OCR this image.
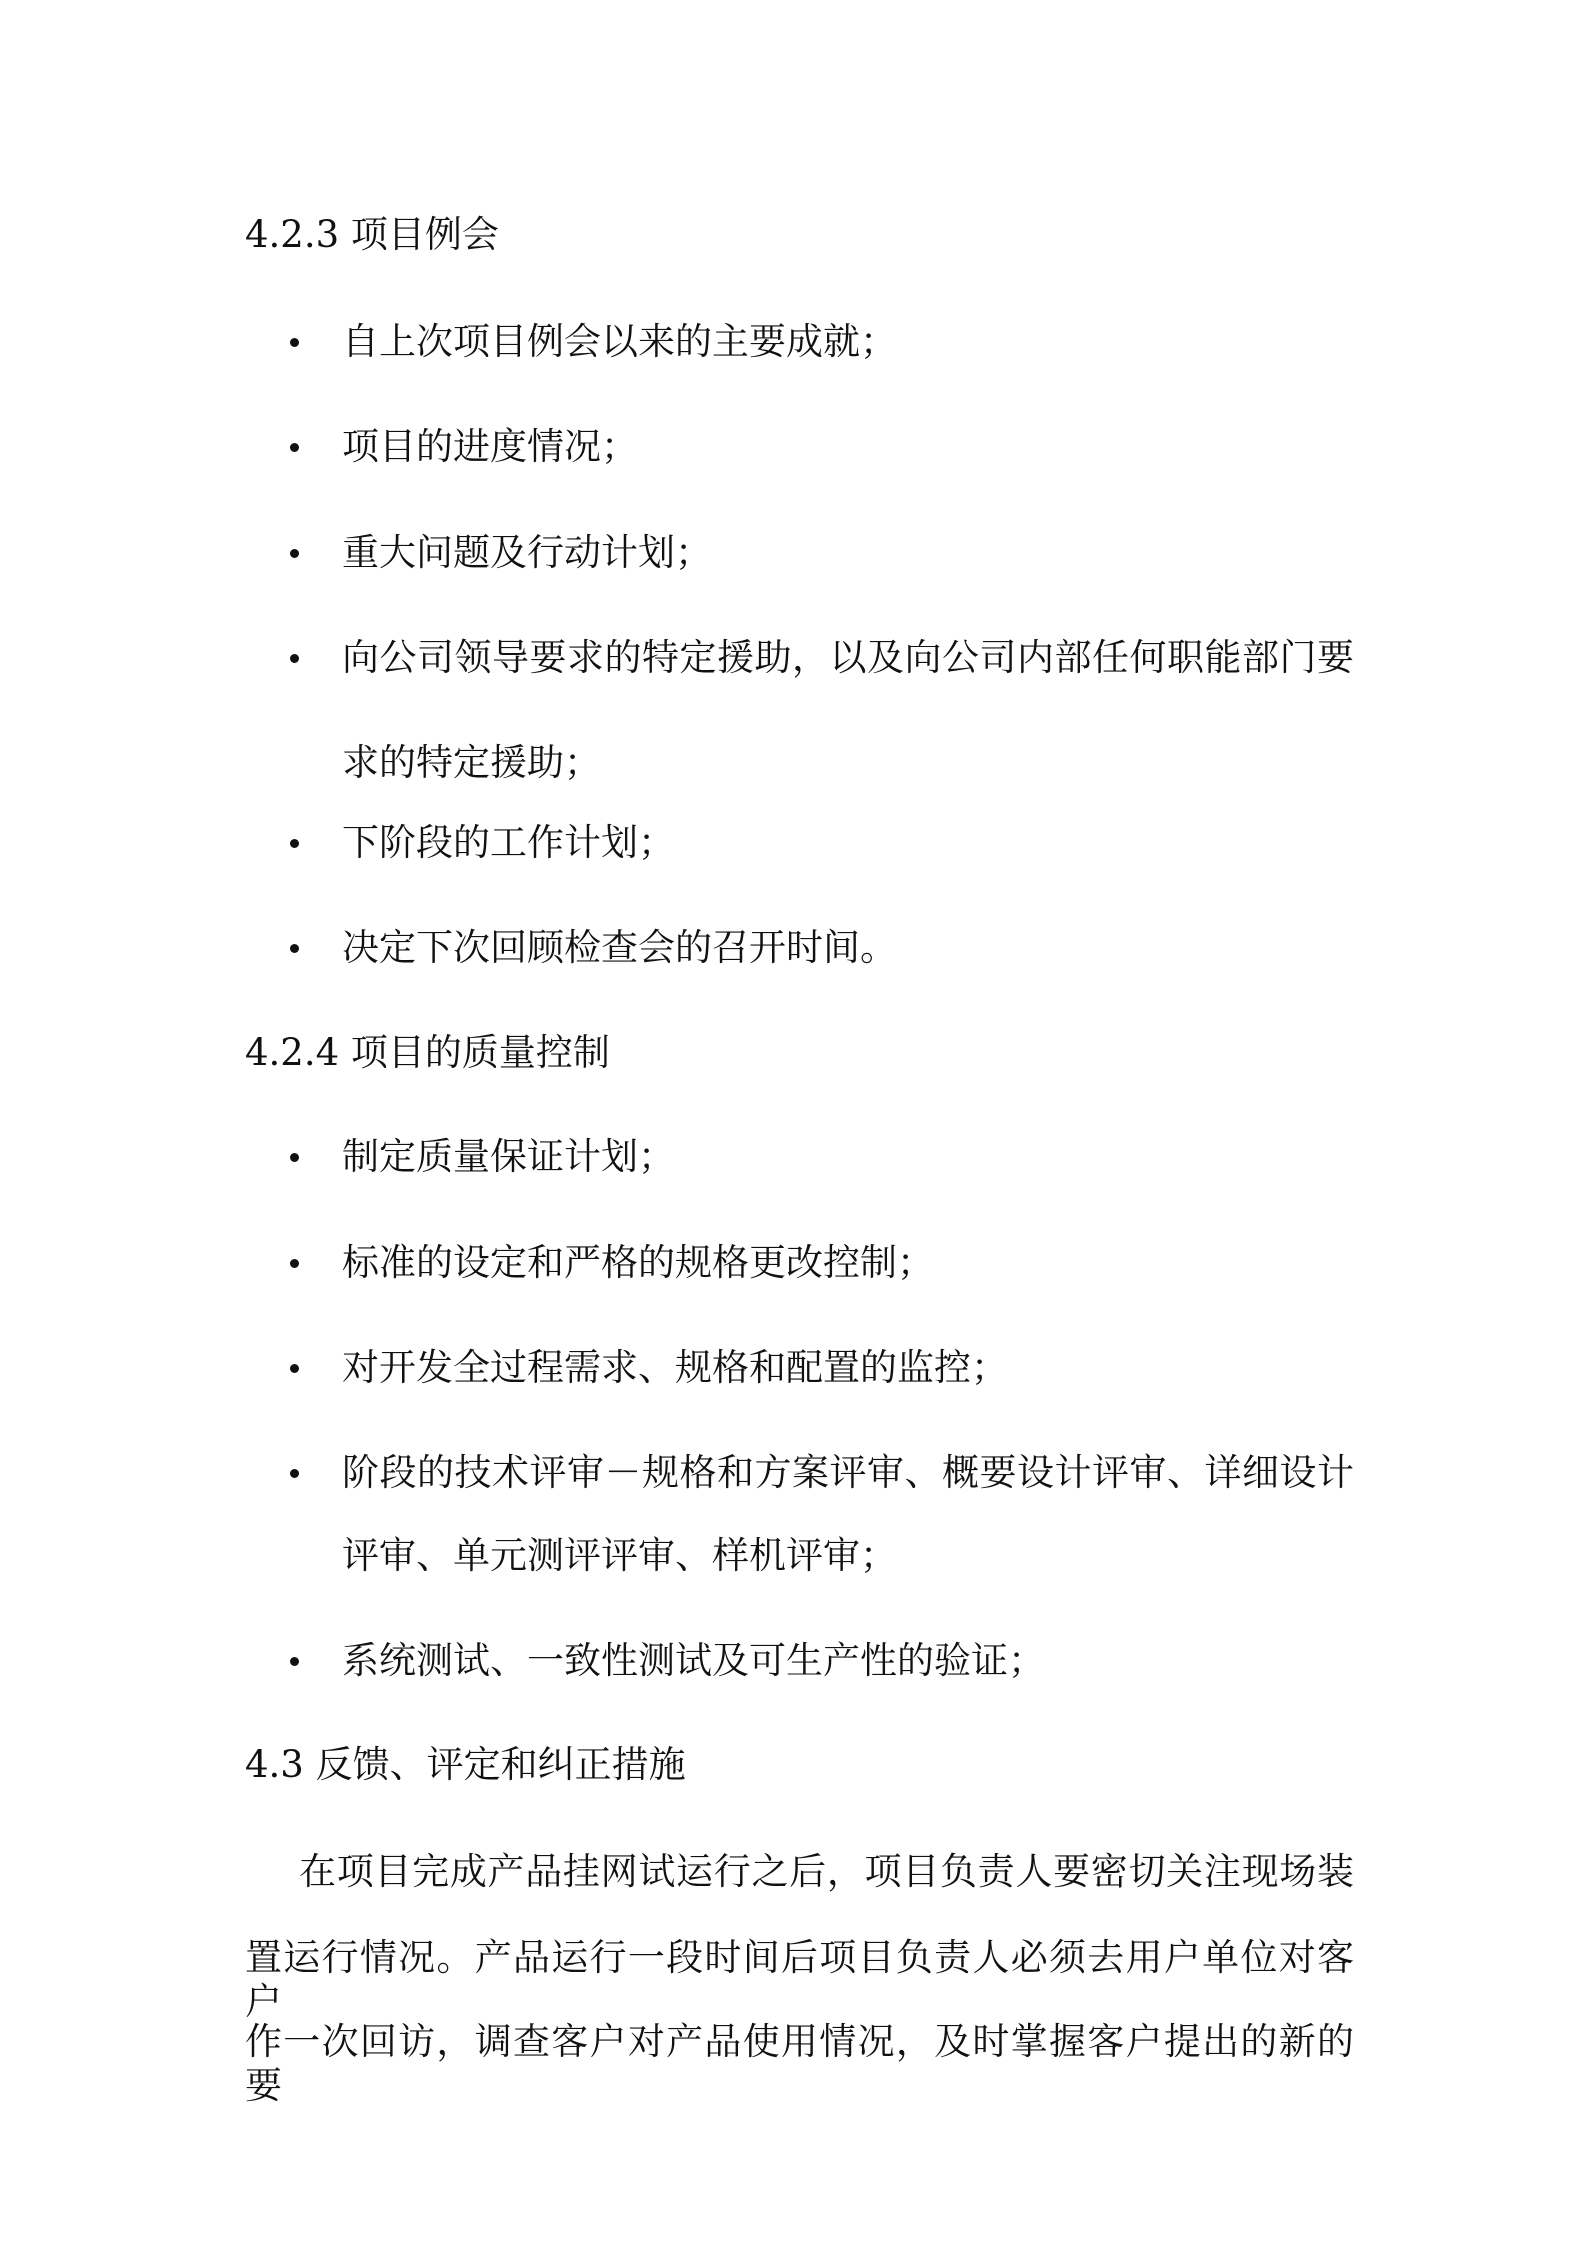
4.2.3 项目例会
自上次项目例会以来的主要成就；
项目的进度情况；
重大问题及行动计划；
向公司领导要求的特定援助，以及向公司内部任何职能部门要
求的特定援助；
下阶段的工作计划；
决定下次回顾检查会的召开时间。
4.2.4 项目的质量控制
制定质量保证计划；
标准的设定和严格的规格更改控制；
对开发全过程需求、规格和配置的监控；
阶段的技术评审－规格和方案评审、概要设计评审、详细设计
评审、单元测评评审、样机评审；
系统测试、一致性测试及可生产性的验证；
4.3 反馈、评定和纠正措施
在项目完成产品挂网试运行之后，项目负责人要密切关注现场装
置运行情况。产品运行一段时间后项目负责人必须去用户单位对客户
作一次回访，调查客户对产品使用情况，及时掌握客户提出的新的要
